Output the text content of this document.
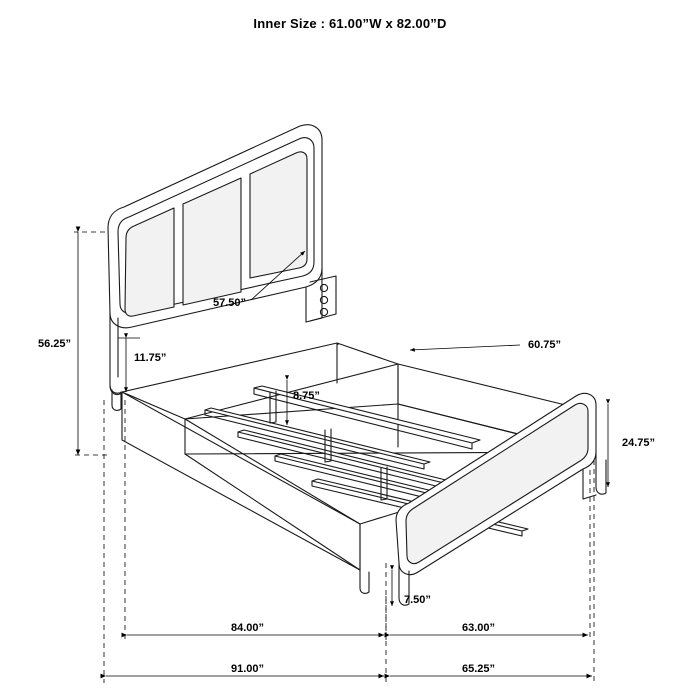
Inner Size : 61.00”W x 82.00”D
56.25”
57.50”
11.75”
8.75”
60.75”
24.75”
7.50”
84.00”	63.00”
91.00”	65.25”
